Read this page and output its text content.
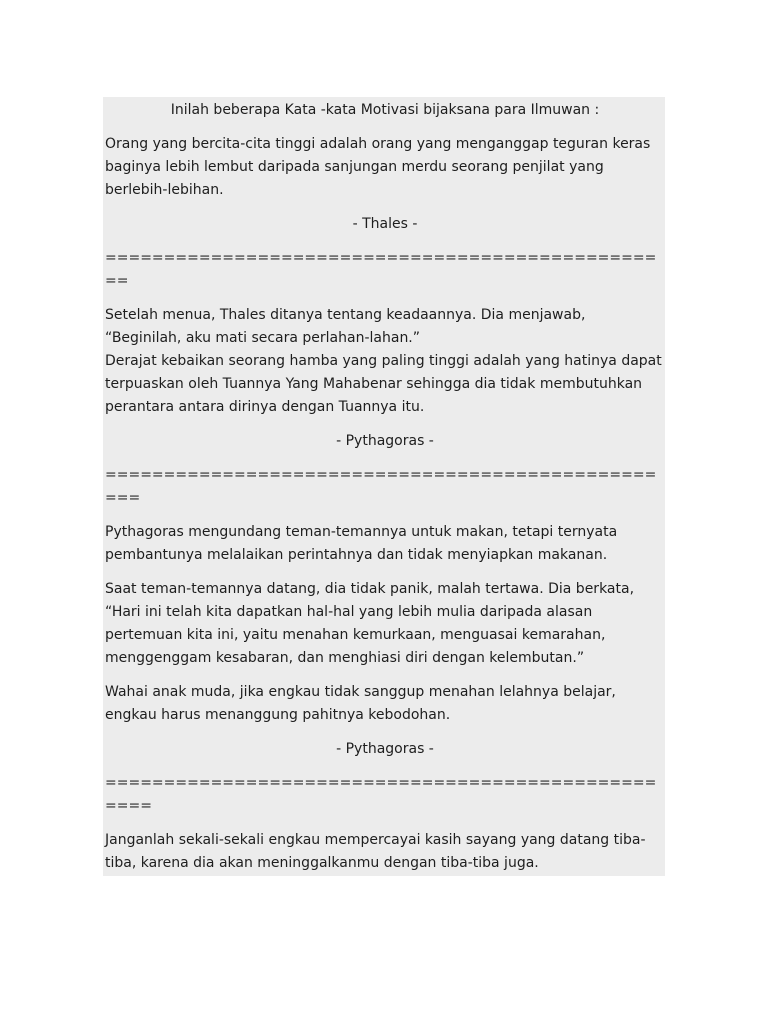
Inilah beberapa Kata -kata Motivasi bijaksana para Ilmuwan :

Orang yang bercita-cita tinggi adalah orang yang menganggap teguran keras baginya lebih lembut daripada sanjungan merdu seorang penjilat yang berlebih-lebihan.

- Thales -

=================================================

Setelah menua, Thales ditanya tentang keadaannya. Dia menjawab, “Beginilah, aku mati secara perlahan-lahan.”

Derajat kebaikan seorang hamba yang paling tinggi adalah yang hatinya dapat terpuaskan oleh Tuannya Yang Mahabenar sehingga dia tidak membutuhkan perantara antara dirinya dengan Tuannya itu.

- Pythagoras -

==================================================

Pythagoras mengundang teman-temannya untuk makan, tetapi ternyata pembantunya melalaikan perintahnya dan tidak menyiapkan makanan.

Saat teman-temannya datang, dia tidak panik, malah tertawa. Dia berkata, “Hari ini telah kita dapatkan hal-hal yang lebih mulia daripada alasan pertemuan kita ini, yaitu menahan kemurkaan, menguasai kemarahan, menggenggam kesabaran, dan menghiasi diri dengan kelembutan.”

Wahai anak muda, jika engkau tidak sanggup menahan lelahnya belajar, engkau harus menanggung pahitnya kebodohan.

- Pythagoras -

===================================================

Janganlah sekali-sekali engkau mempercayai kasih sayang yang datang tiba-tiba, karena dia akan meninggalkanmu dengan tiba-tiba juga.
